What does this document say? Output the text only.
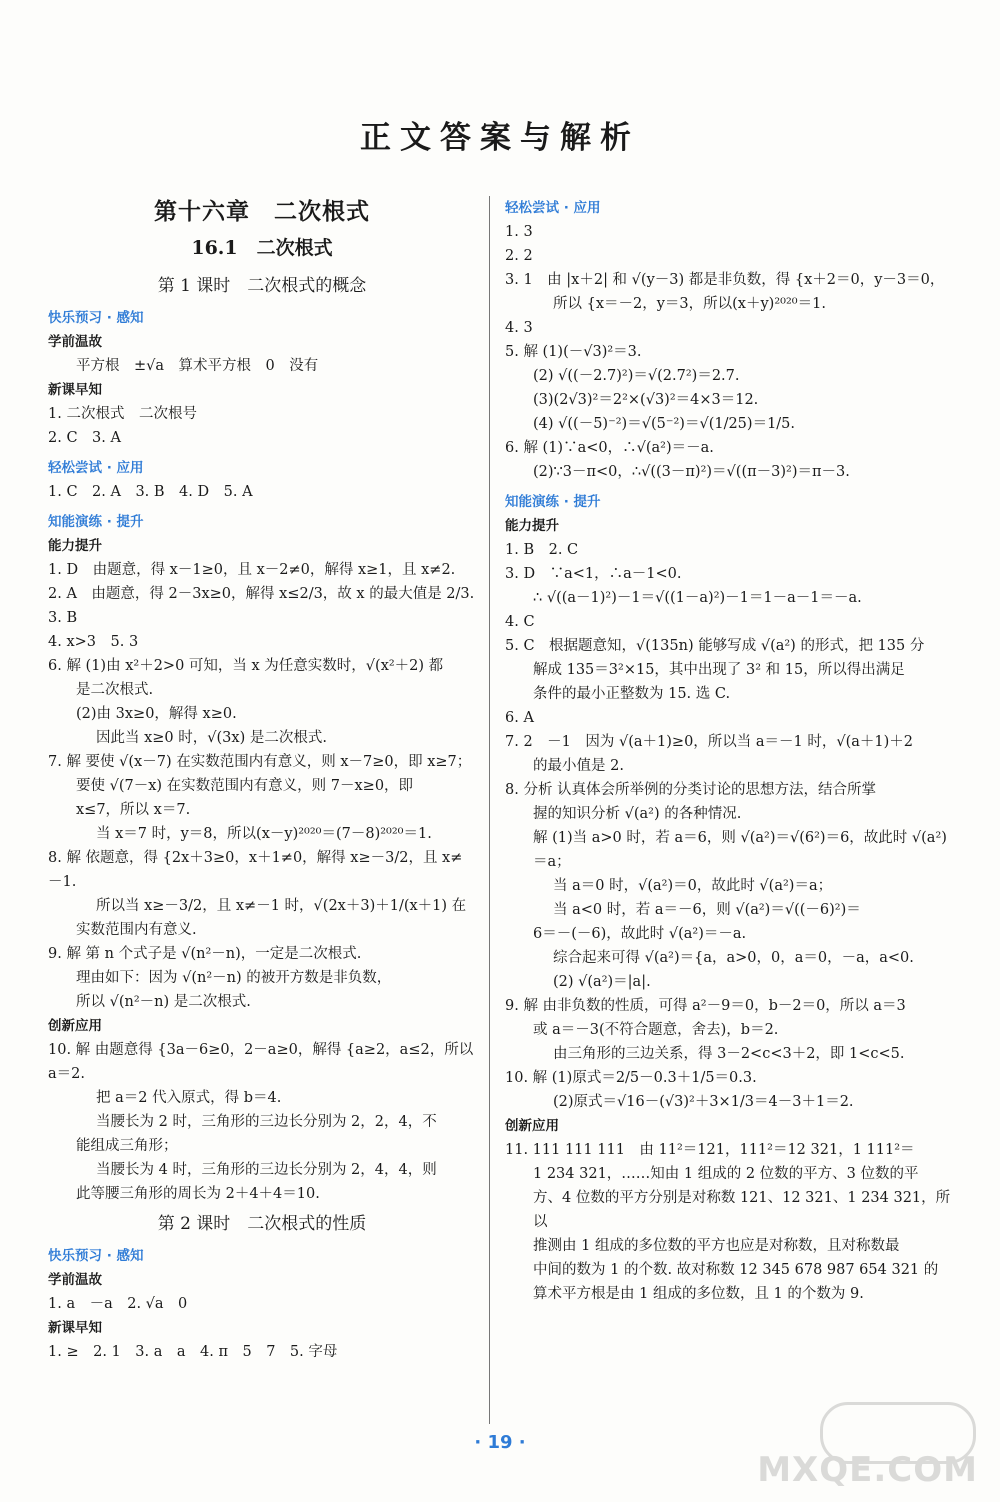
正文答案与解析
第十六章　二次根式
16.1　二次根式
第 1 课时　二次根式的概念
快乐预习 · 感知
学前温故
平方根　±√a　算术平方根　0　没有
新课早知
1. 二次根式　二次根号
2. C　3. A
轻松尝试 · 应用
1. C　2. A　3. B　4. D　5. A
知能演练 · 提升
能力提升
1. D　由题意，得 x－1≥0，且 x－2≠0，解得 x≥1，且 x≠2.
2. A　由题意，得 2－3x≥0，解得 x≤2/3，故 x 的最大值是 2/3.
3. B
4. x>3　5. 3
6. 解 (1)由 x²＋2>0 可知，当 x 为任意实数时，√(x²＋2) 都
是二次根式.
(2)由 3x≥0，解得 x≥0.
因此当 x≥0 时，√(3x) 是二次根式.
7. 解 要使 √(x－7) 在实数范围内有意义，则 x－7≥0，即 x≥7；
要使 √(7－x) 在实数范围内有意义，则 7－x≥0，即
x≤7，所以 x＝7.
当 x＝7 时，y＝8，所以(x－y)²⁰²⁰＝(7－8)²⁰²⁰＝1.
8. 解 依题意，得 {2x＋3≥0，x＋1≠0，解得 x≥－3/2，且 x≠－1.
所以当 x≥－3/2，且 x≠－1 时，√(2x＋3)＋1/(x＋1) 在
实数范围内有意义.
9. 解 第 n 个式子是 √(n²－n)，一定是二次根式.
理由如下：因为 √(n²－n) 的被开方数是非负数，
所以 √(n²－n) 是二次根式.
创新应用
10. 解 由题意得 {3a－6≥0，2－a≥0，解得 {a≥2，a≤2，所以 a＝2.
把 a＝2 代入原式，得 b＝4.
当腰长为 2 时，三角形的三边长分别为 2，2，4，不
能组成三角形；
当腰长为 4 时，三角形的三边长分别为 2，4，4，则
此等腰三角形的周长为 2＋4＋4＝10.
第 2 课时　二次根式的性质
快乐预习 · 感知
学前温故
1. a　－a　2. √a　0
新课早知
1. ≥　2. 1　3. a　a　4. π　5　7　5. 字母
轻松尝试 · 应用
1. 3
2. 2
3. 1　由 |x＋2| 和 √(y－3) 都是非负数，得 {x＋2＝0，y－3＝0，
所以 {x＝－2，y＝3，所以(x＋y)²⁰²⁰＝1.
4. 3
5. 解 (1)(－√3)²＝3.
(2) √((－2.7)²)＝√(2.7²)＝2.7.
(3)(2√3)²＝2²×(√3)²＝4×3＝12.
(4) √((－5)⁻²)＝√(5⁻²)＝√(1/25)＝1/5.
6. 解 (1)∵a<0，∴√(a²)＝－a.
(2)∵3－π<0，∴√((3－π)²)＝√((π－3)²)＝π－3.
知能演练 · 提升
能力提升
1. B　2. C
3. D　∵a<1，∴a－1<0.
∴ √((a－1)²)－1＝√((1－a)²)－1＝1－a－1＝－a.
4. C
5. C　根据题意知，√(135n) 能够写成 √(a²) 的形式，把 135 分
解成 135＝3²×15，其中出现了 3² 和 15，所以得出满足
条件的最小正整数为 15. 选 C.
6. A
7. 2　－1　因为 √(a＋1)≥0，所以当 a＝－1 时，√(a＋1)＋2
的最小值是 2.
8. 分析 认真体会所举例的分类讨论的思想方法，结合所掌
握的知识分析 √(a²) 的各种情况.
解 (1)当 a>0 时，若 a＝6，则 √(a²)＝√(6²)＝6，故此时 √(a²)＝a；
当 a＝0 时，√(a²)＝0，故此时 √(a²)＝a；
当 a<0 时，若 a＝－6，则 √(a²)＝√((－6)²)＝
6＝－(－6)，故此时 √(a²)＝－a.
综合起来可得 √(a²)＝{a，a>0，0，a＝0，－a，a<0.
(2) √(a²)＝|a|.
9. 解 由非负数的性质，可得 a²－9＝0，b－2＝0，所以 a＝3
或 a＝－3(不符合题意，舍去)，b＝2.
由三角形的三边关系，得 3－2<c<3＋2，即 1<c<5.
10. 解 (1)原式＝2/5－0.3＋1/5＝0.3.
(2)原式＝√16－(√3)²＋3×1/3＝4－3＋1＝2.
创新应用
11. 111 111 111　由 11²＝121，111²＝12 321，1 111²＝
1 234 321，……知由 1 组成的 2 位数的平方、3 位数的平
方、4 位数的平方分别是对称数 121、12 321、1 234 321，所以
推测由 1 组成的多位数的平方也应是对称数，且对称数最
中间的数为 1 的个数. 故对称数 12 345 678 987 654 321 的
算术平方根是由 1 组成的多位数，且 1 的个数为 9.
· 19 ·
MXQE.COM
